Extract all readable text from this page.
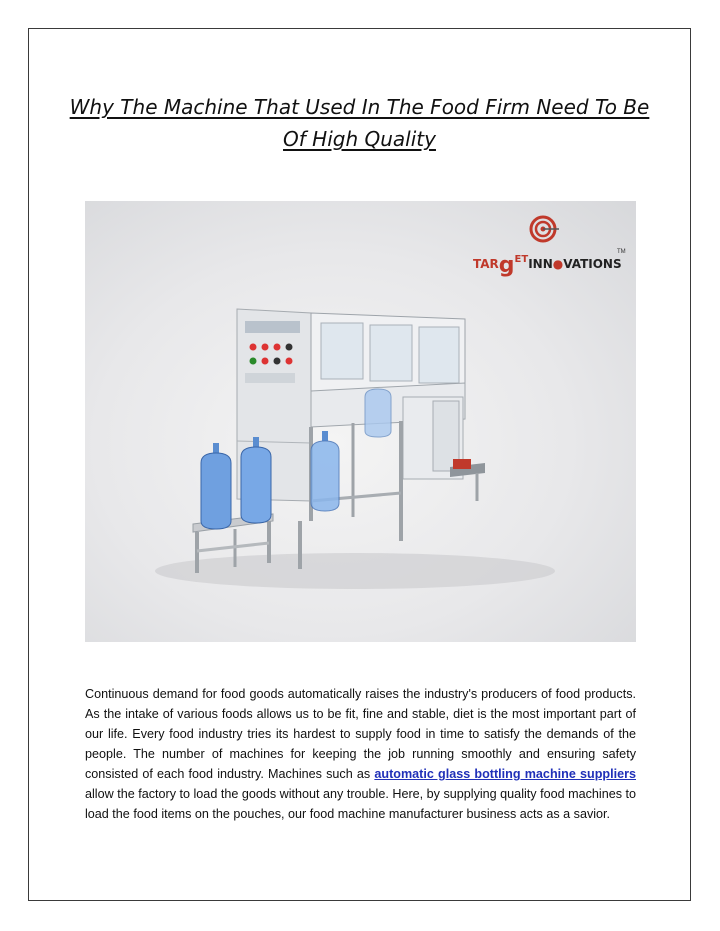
Why The Machine That Used In The Food Firm Need To Be Of High Quality
TARg$^{ET}$INN●VATIONS
TM

Continuous demand for food goods automatically raises the industry's producers of food products. As the intake of various foods allows us to be fit, fine and stable, diet is the most important part of our life. Every food industry tries its hardest to supply food in time to satisfy the demands of the people. The number of machines for keeping the job running smoothly and ensuring safety consisted of each food industry. Machines such as automatic glass bottling machine suppliers allow the factory to load the goods without any trouble. Here, by supplying quality food machines to load the food items on the pouches, our food machine manufacturer business acts as a savior.
